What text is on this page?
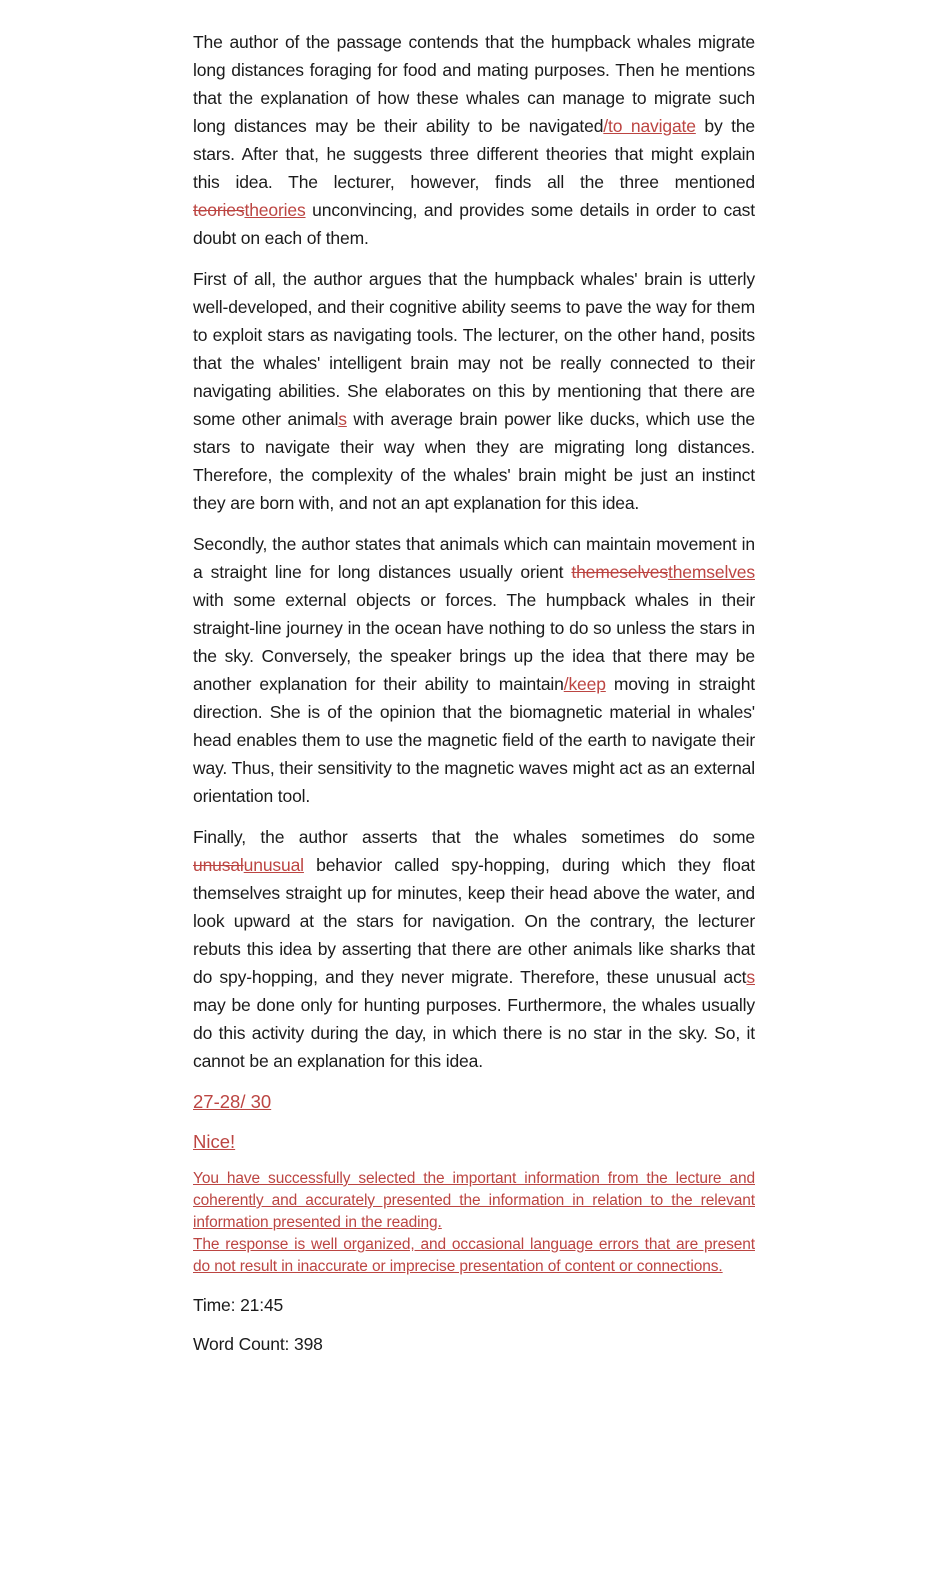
The author of the passage contends that the humpback whales migrate long distances foraging for food and mating purposes. Then he mentions that the explanation of how these whales can manage to migrate such long distances may be their ability to be navigated/to navigate by the stars. After that, he suggests three different theories that might explain this idea. The lecturer, however, finds all the three mentioned teoriestheories unconvincing, and provides some details in order to cast doubt on each of them.

First of all, the author argues that the humpback whales' brain is utterly well-developed, and their cognitive ability seems to pave the way for them to exploit stars as navigating tools. The lecturer, on the other hand, posits that the whales' intelligent brain may not be really connected to their navigating abilities. She elaborates on this by mentioning that there are some other animals with average brain power like ducks, which use the stars to navigate their way when they are migrating long distances. Therefore, the complexity of the whales' brain might be just an instinct they are born with, and not an apt explanation for this idea.

Secondly, the author states that animals which can maintain movement in a straight line for long distances usually orient themeselvesthemselves with some external objects or forces. The humpback whales in their straight-line journey in the ocean have nothing to do so unless the stars in the sky. Conversely, the speaker brings up the idea that there may be another explanation for their ability to maintain/keep moving in straight direction. She is of the opinion that the biomagnetic material in whales' head enables them to use the magnetic field of the earth to navigate their way. Thus, their sensitivity to the magnetic waves might act as an external orientation tool.

Finally, the author asserts that the whales sometimes do some unusalunusual behavior called spy-hopping, during which they float themselves straight up for minutes, keep their head above the water, and look upward at the stars for navigation. On the contrary, the lecturer rebuts this idea by asserting that there are other animals like sharks that do spy-hopping, and they never migrate. Therefore, these unusual acts may be done only for hunting purposes. Furthermore, the whales usually do this activity during the day, in which there is no star in the sky. So, it cannot be an explanation for this idea.

27-28/ 30
Nice!
You have successfully selected the important information from the lecture and coherently and accurately presented the information in relation to the relevant information presented in the reading.
The response is well organized, and occasional language errors that are present do not result in inaccurate or imprecise presentation of content or connections.
Time: 21:45
Word Count: 398
